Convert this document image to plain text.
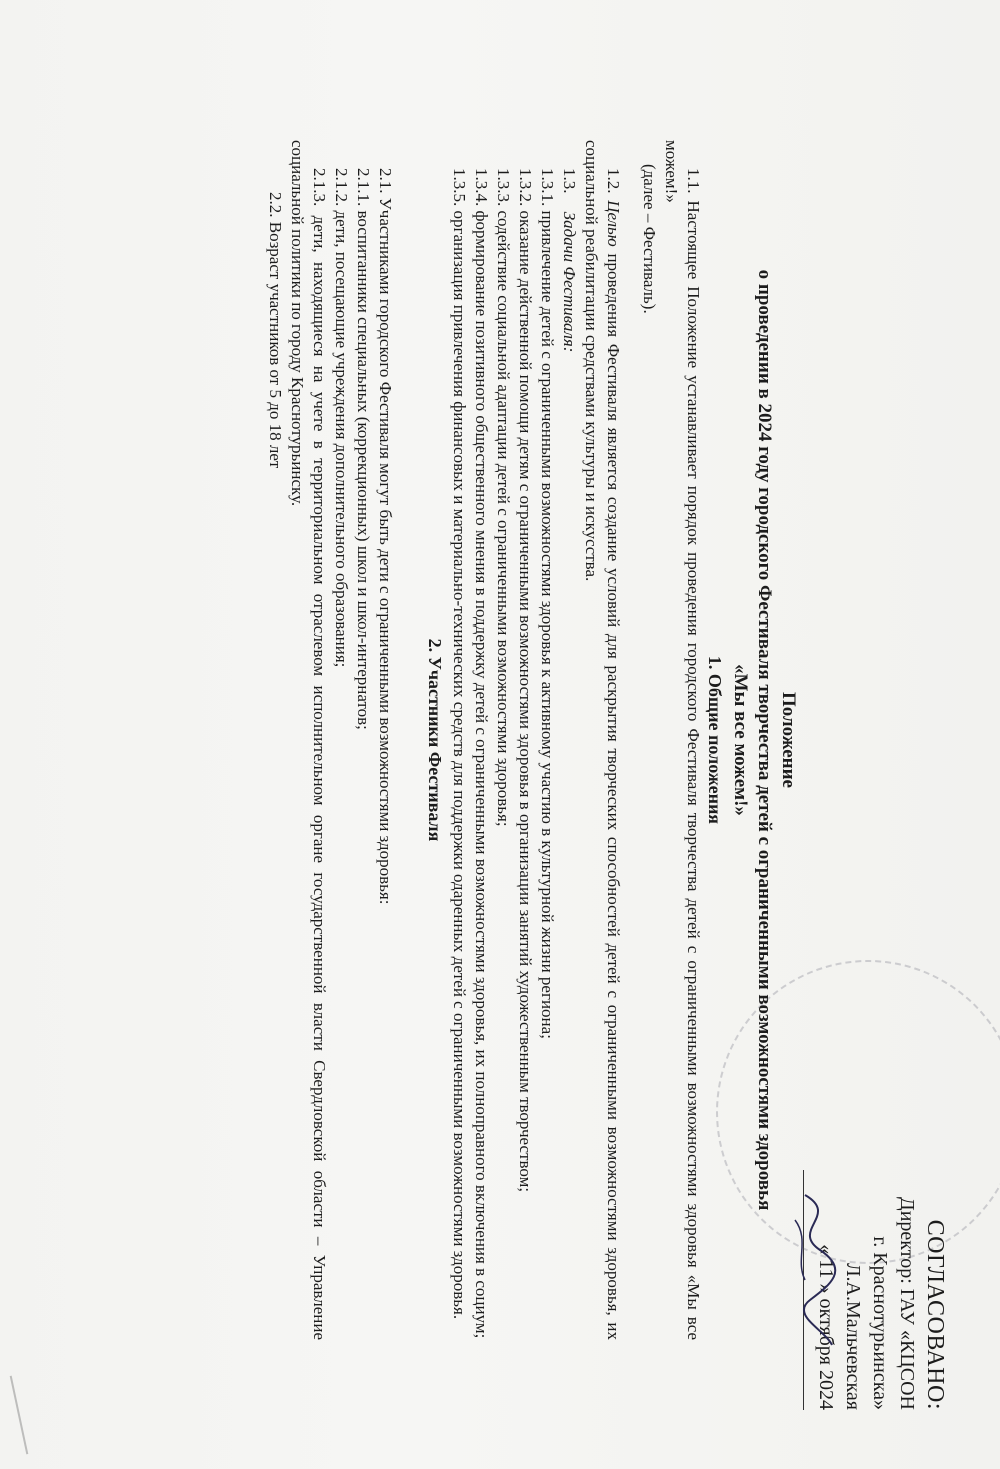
СОГЛАСОВАНО:
Директор: ГАУ «КЦСОН
г. Краснотурьинска»
Л.А.Мальчевская
« 11 » октября 2024

Положение

о проведении в 2024 году городского Фестиваля творчества детей с ограниченными возможностями здоровья

«Мы все можем!»

1. Общие положения

1.1. Настоящее Положение устанавливает порядок проведения городского Фестиваля творчества детей с ограниченными возможностями здоровья «Мы все можем!»

(далее – Фестиваль).

1.2. Целью проведения Фестиваля является создание условий для раскрытия творческих способностей детей с ограниченными возможностями здоровья, их социальной реабилитации средствами культуры и искусства.

1.3. Задачи Фестиваля:

1.3.1. привлечение детей с ограниченными возможностями здоровья к активному участию в культурной жизни региона;

1.3.2. оказание действенной помощи детям с ограниченными возможностями здоровья в организации занятий художественным творчеством;

1.3.3. содействие социальной адаптации детей с ограниченными возможностями здоровья;

1.3.4. формирование позитивного общественного мнения в поддержку детей с ограниченными возможностями здоровья, их полноправного включения в социум;

1.3.5. организация привлечения финансовых и материально-технических средств для поддержки одаренных детей с ограниченными возможностями здоровья.

2. Участники Фестиваля

2.1. Участниками городского Фестиваля могут быть дети с ограниченными возможностями здоровья:

2.1.1. воспитанники специальных (коррекционных) школ и школ-интернатов;

2.1.2. дети, посещающие учреждения дополнительного образования;

2.1.3. дети, находящиеся на учете в территориальном отраслевом исполнительном органе государственной власти Свердловской области – Управление социальной политики по городу Краснотурьинску.

2.2. Возраст участников от 5 до 18 лет
